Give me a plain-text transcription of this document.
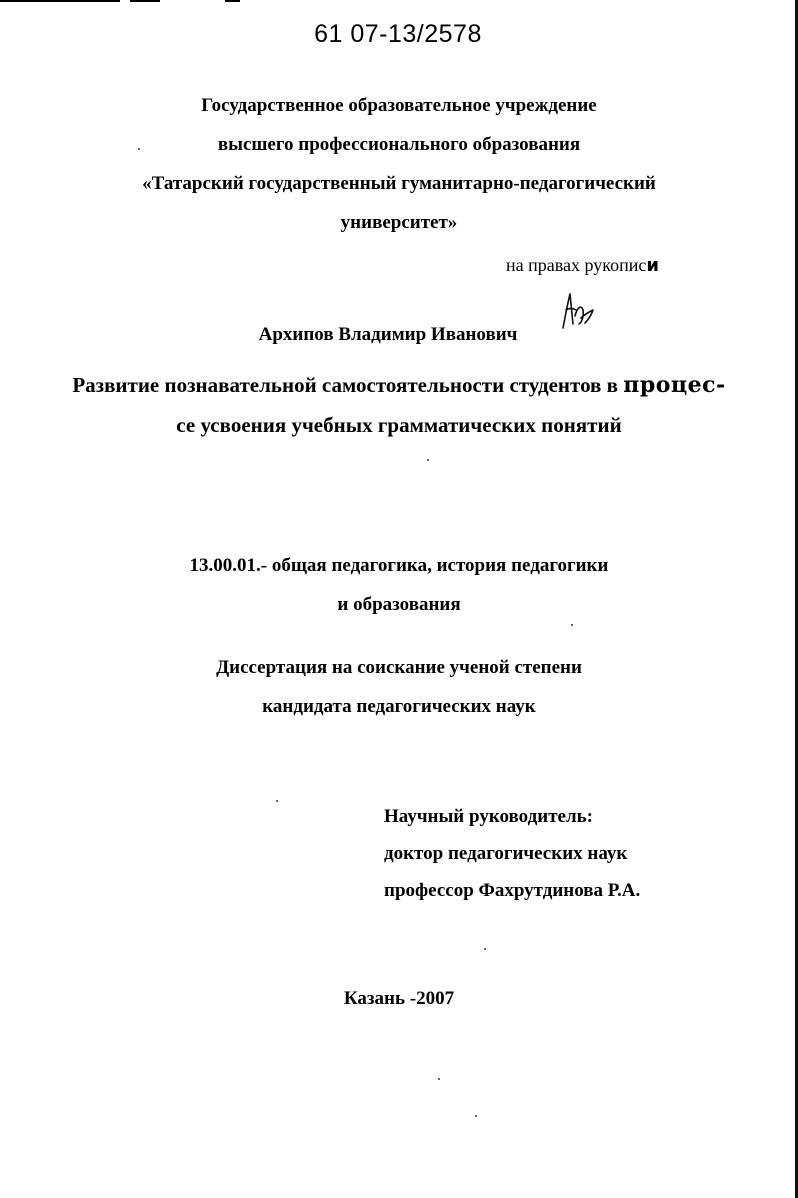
61 07-13/2578
Государственное образовательное учреждение
высшего профессионального образования
«Татарский государственный гуманитарно-педагогический
университет»
на правах рукописи
Архипов Владимир Иванович
Развитие познавательной самостоятельности студентов в процес-
се усвоения учебных грамматических понятий
13.00.01.- общая педагогика, история педагогики
и образования
Диссертация на соискание ученой степени
кандидата педагогических наук
Научный руководитель:
доктор педагогических наук
профессор Фахрутдинова Р.А.
Казань -2007
